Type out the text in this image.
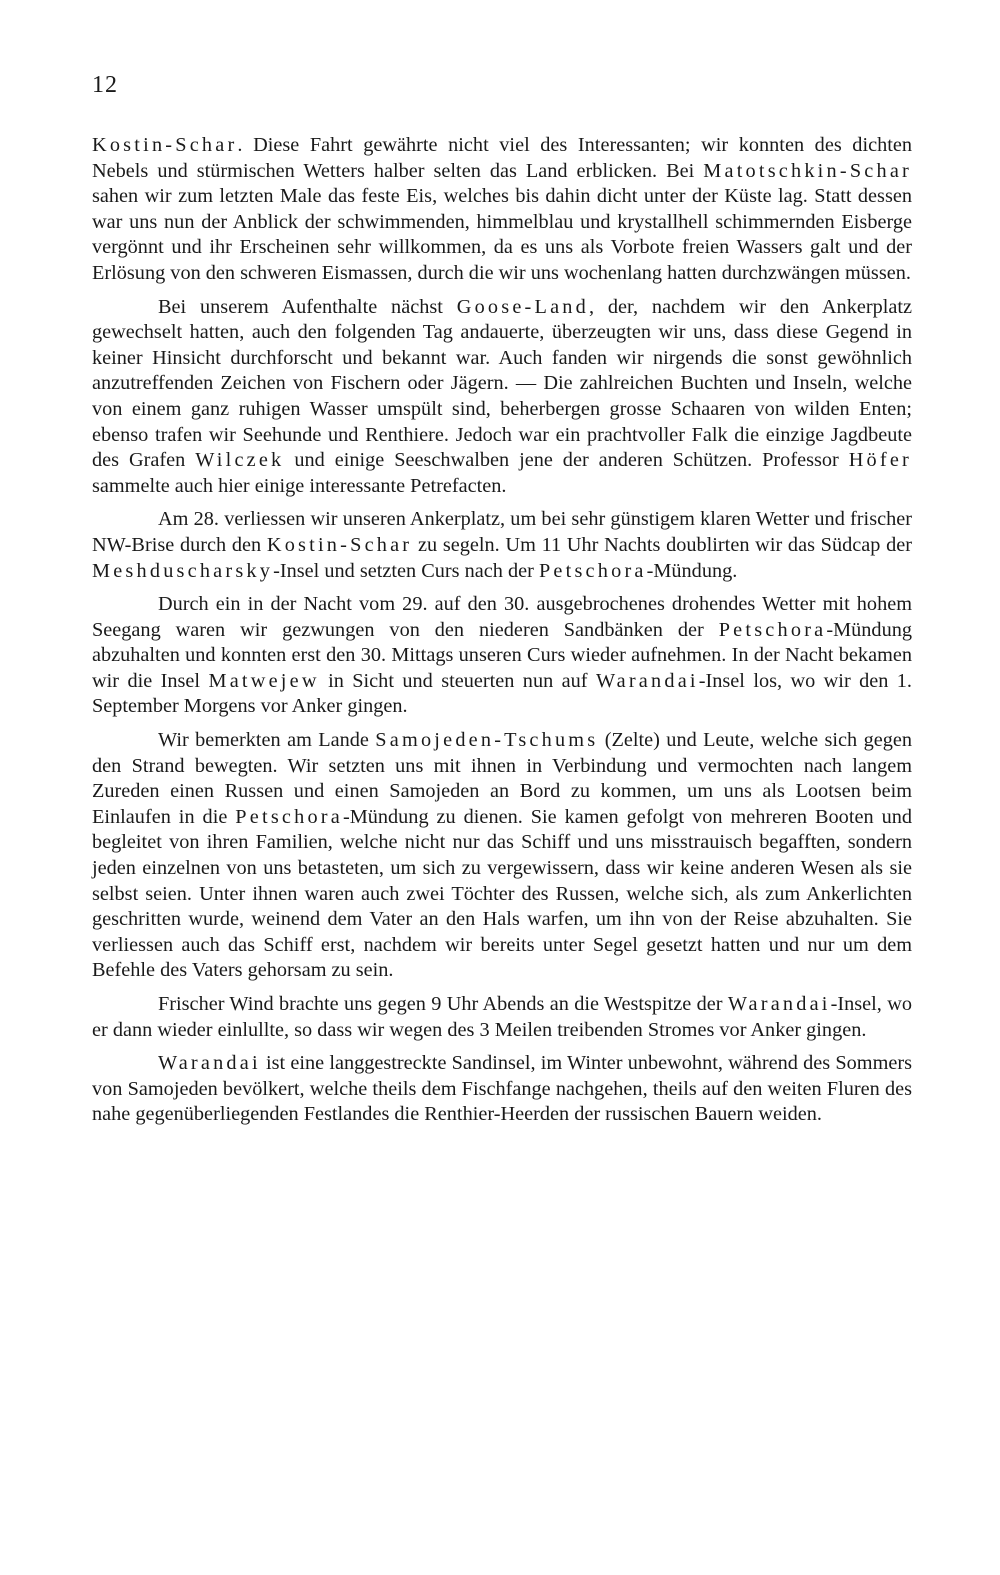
12

Kostin-Schar. Diese Fahrt gewährte nicht viel des Interessanten; wir konnten des dichten Nebels und stürmischen Wetters halber selten das Land erblicken. Bei Matotschkin-Schar sahen wir zum letzten Male das feste Eis, welches bis dahin dicht unter der Küste lag. Statt dessen war uns nun der Anblick der schwimmenden, himmelblau und krystallhell schimmernden Eisberge vergönnt und ihr Erscheinen sehr willkommen, da es uns als Vorbote freien Wassers galt und der Erlösung von den schweren Eismassen, durch die wir uns wochenlang hatten durchzwängen müssen.

Bei unserem Aufenthalte nächst Goose-Land, der, nachdem wir den Ankerplatz gewechselt hatten, auch den folgenden Tag andauerte, überzeugten wir uns, dass diese Gegend in keiner Hinsicht durchforscht und bekannt war. Auch fanden wir nirgends die sonst gewöhnlich anzutreffenden Zeichen von Fischern oder Jägern. — Die zahlreichen Buchten und Inseln, welche von einem ganz ruhigen Wasser umspült sind, beherbergen grosse Schaaren von wilden Enten; ebenso trafen wir Seehunde und Renthiere. Jedoch war ein prachtvoller Falk die einzige Jagdbeute des Grafen Wilczek und einige Seeschwalben jene der anderen Schützen. Professor Höfer sammelte auch hier einige interessante Petrefacten.

Am 28. verliessen wir unseren Ankerplatz, um bei sehr günstigem klaren Wetter und frischer NW-Brise durch den Kostin-Schar zu segeln. Um 11 Uhr Nachts doublirten wir das Südcap der Meshduscharsky-Insel und setzten Curs nach der Petschora-Mündung.

Durch ein in der Nacht vom 29. auf den 30. ausgebrochenes drohendes Wetter mit hohem Seegang waren wir gezwungen von den niederen Sandbänken der Petschora-Mündung abzuhalten und konnten erst den 30. Mittags unseren Curs wieder aufnehmen. In der Nacht bekamen wir die Insel Matwejew in Sicht und steuerten nun auf Warandai-Insel los, wo wir den 1. September Morgens vor Anker gingen.

Wir bemerkten am Lande Samojeden-Tschums (Zelte) und Leute, welche sich gegen den Strand bewegten. Wir setzten uns mit ihnen in Verbindung und vermochten nach langem Zureden einen Russen und einen Samojeden an Bord zu kommen, um uns als Lootsen beim Einlaufen in die Petschora-Mündung zu dienen. Sie kamen gefolgt von mehreren Booten und begleitet von ihren Familien, welche nicht nur das Schiff und uns misstrauisch begafften, sondern jeden einzelnen von uns betasteten, um sich zu vergewissern, dass wir keine anderen Wesen als sie selbst seien. Unter ihnen waren auch zwei Töchter des Russen, welche sich, als zum Ankerlichten geschritten wurde, weinend dem Vater an den Hals warfen, um ihn von der Reise abzuhalten. Sie verliessen auch das Schiff erst, nachdem wir bereits unter Segel gesetzt hatten und nur um dem Befehle des Vaters gehorsam zu sein.

Frischer Wind brachte uns gegen 9 Uhr Abends an die Westspitze der Warandai-Insel, wo er dann wieder einlullte, so dass wir wegen des 3 Meilen treibenden Stromes vor Anker gingen.

Warandai ist eine langgestreckte Sandinsel, im Winter unbewohnt, während des Sommers von Samojeden bevölkert, welche theils dem Fischfange nachgehen, theils auf den weiten Fluren des nahe gegenüberliegenden Festlandes die Renthier-Heerden der russischen Bauern weiden.
